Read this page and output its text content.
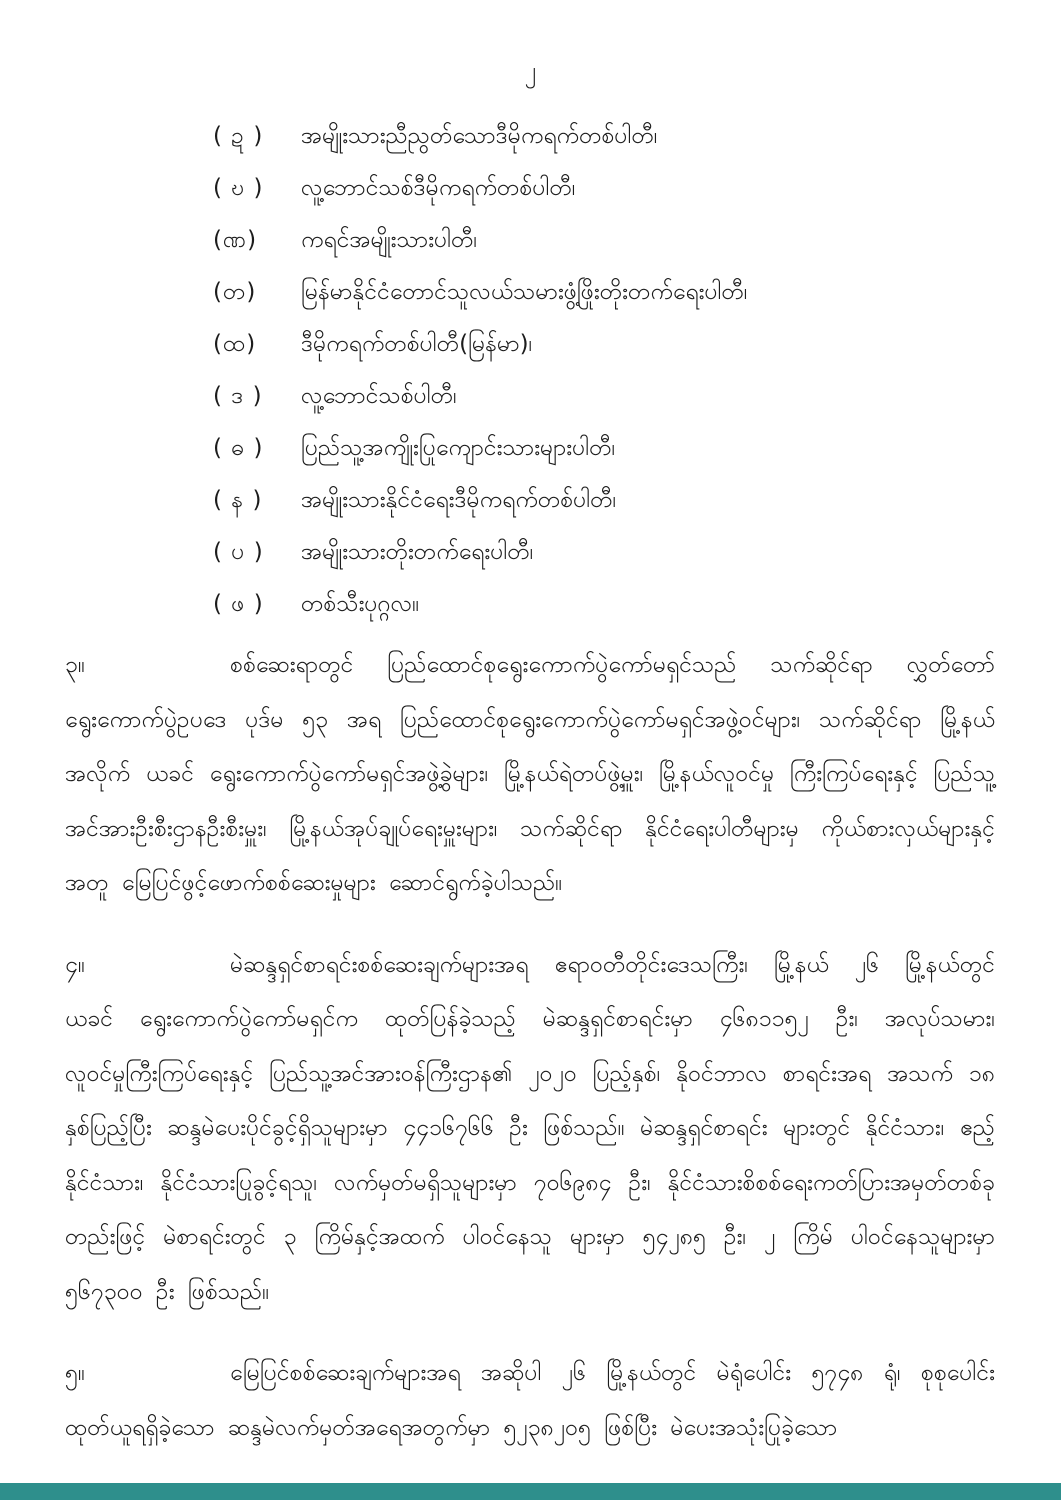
၂
( ဍ )	အမျိုးသားညီညွတ်သောဒီမိုကရက်တစ်ပါတီ၊
( ဎ )	လူ့ဘောင်သစ်ဒီမိုကရက်တစ်ပါတီ၊
(ဏ)	ကရင်အမျိုးသားပါတီ၊
(တ)	မြန်မာနိုင်ငံတောင်သူလယ်သမားဖွံ့ဖြိုးတိုးတက်ရေးပါတီ၊
(ထ)	ဒီမိုကရက်တစ်ပါတီ(မြန်မာ)၊
( ဒ )	လူ့ဘောင်သစ်ပါတီ၊
( ဓ )	ပြည်သူ့အကျိုးပြုကျောင်းသားများပါတီ၊
( န )	အမျိုးသားနိုင်ငံရေးဒီမိုကရက်တစ်ပါတီ၊
( ပ )	အမျိုးသားတိုးတက်ရေးပါတီ၊
( ဖ )	တစ်သီးပုဂ္ဂလ။

၃။	စစ်ဆေးရာတွင် ပြည်ထောင်စုရွေးကောက်ပွဲကော်မရှင်သည် သက်ဆိုင်ရာ လွှတ်တော် ရွေးကောက်ပွဲဥပဒေ ပုဒ်မ ၅၃ အရ ပြည်ထောင်စုရွေးကောက်ပွဲကော်မရှင်အဖွဲ့ဝင်များ၊ သက်ဆိုင်ရာ မြို့နယ်အလိုက် ယခင် ရွေးကောက်ပွဲကော်မရှင်အဖွဲ့ခွဲများ၊ မြို့နယ်ရဲတပ်ဖွဲ့မှူး၊ မြို့နယ်လူဝင်မှု ကြီးကြပ်ရေးနှင့် ပြည်သူ့အင်အားဦးစီးဌာနဦးစီးမှူး၊ မြို့နယ်အုပ်ချုပ်ရေးမှူးများ၊ သက်ဆိုင်ရာ နိုင်ငံရေးပါတီများမှ ကိုယ်စားလှယ်များနှင့်အတူ မြေပြင်ဖွင့်ဖောက်စစ်ဆေးမှုများ ဆောင်ရွက်ခဲ့ပါသည်။

၄။	မဲဆန္ဒရှင်စာရင်းစစ်ဆေးချက်များအရ ဧရာဝတီတိုင်းဒေသကြီး၊ မြို့နယ် ၂၆ မြို့နယ်တွင် ယခင် ရွေးကောက်ပွဲကော်မရှင်က ထုတ်ပြန်ခဲ့သည့် မဲဆန္ဒရှင်စာရင်းမှာ ၄၆၈၁၁၅၂ ဦး၊ အလုပ်သမား၊ လူဝင်မှုကြီးကြပ်ရေးနှင့် ပြည်သူ့အင်အားဝန်ကြီးဌာန၏ ၂၀၂၀ ပြည့်နှစ်၊ နိုဝင်ဘာလ စာရင်းအရ အသက် ၁၈ နှစ်ပြည့်ပြီး ဆန္ဒမဲပေးပိုင်ခွင့်ရှိသူများမှာ ၄၄၁၆၇၆၆ ဦး ဖြစ်သည်။ မဲဆန္ဒရှင်စာရင်း များတွင် နိုင်ငံသား၊ ဧည့်နိုင်ငံသား၊ နိုင်ငံသားပြုခွင့်ရသူ၊ လက်မှတ်မရှိသူများမှာ ၇၀၆၉၈၄ ဦး၊ နိုင်ငံသားစိစစ်ရေးကတ်ပြားအမှတ်တစ်ခုတည်းဖြင့် မဲစာရင်းတွင် ၃ ကြိမ်နှင့်အထက် ပါဝင်နေသူ များမှာ ၅၄၂၈၅ ဦး၊ ၂ ကြိမ် ပါဝင်နေသူများမှာ ၅၆၇၃၀၀ ဦး ဖြစ်သည်။

၅။	မြေပြင်စစ်ဆေးချက်များအရ အဆိုပါ ၂၆ မြို့နယ်တွင် မဲရုံပေါင်း ၅၇၄၈ ရုံ၊ စုစုပေါင်း ထုတ်ယူရရှိခဲ့သော ဆန္ဒမဲလက်မှတ်အရေအတွက်မှာ ၅၂၃၈၂၀၅ ဖြစ်ပြီး မဲပေးအသုံးပြုခဲ့သော
